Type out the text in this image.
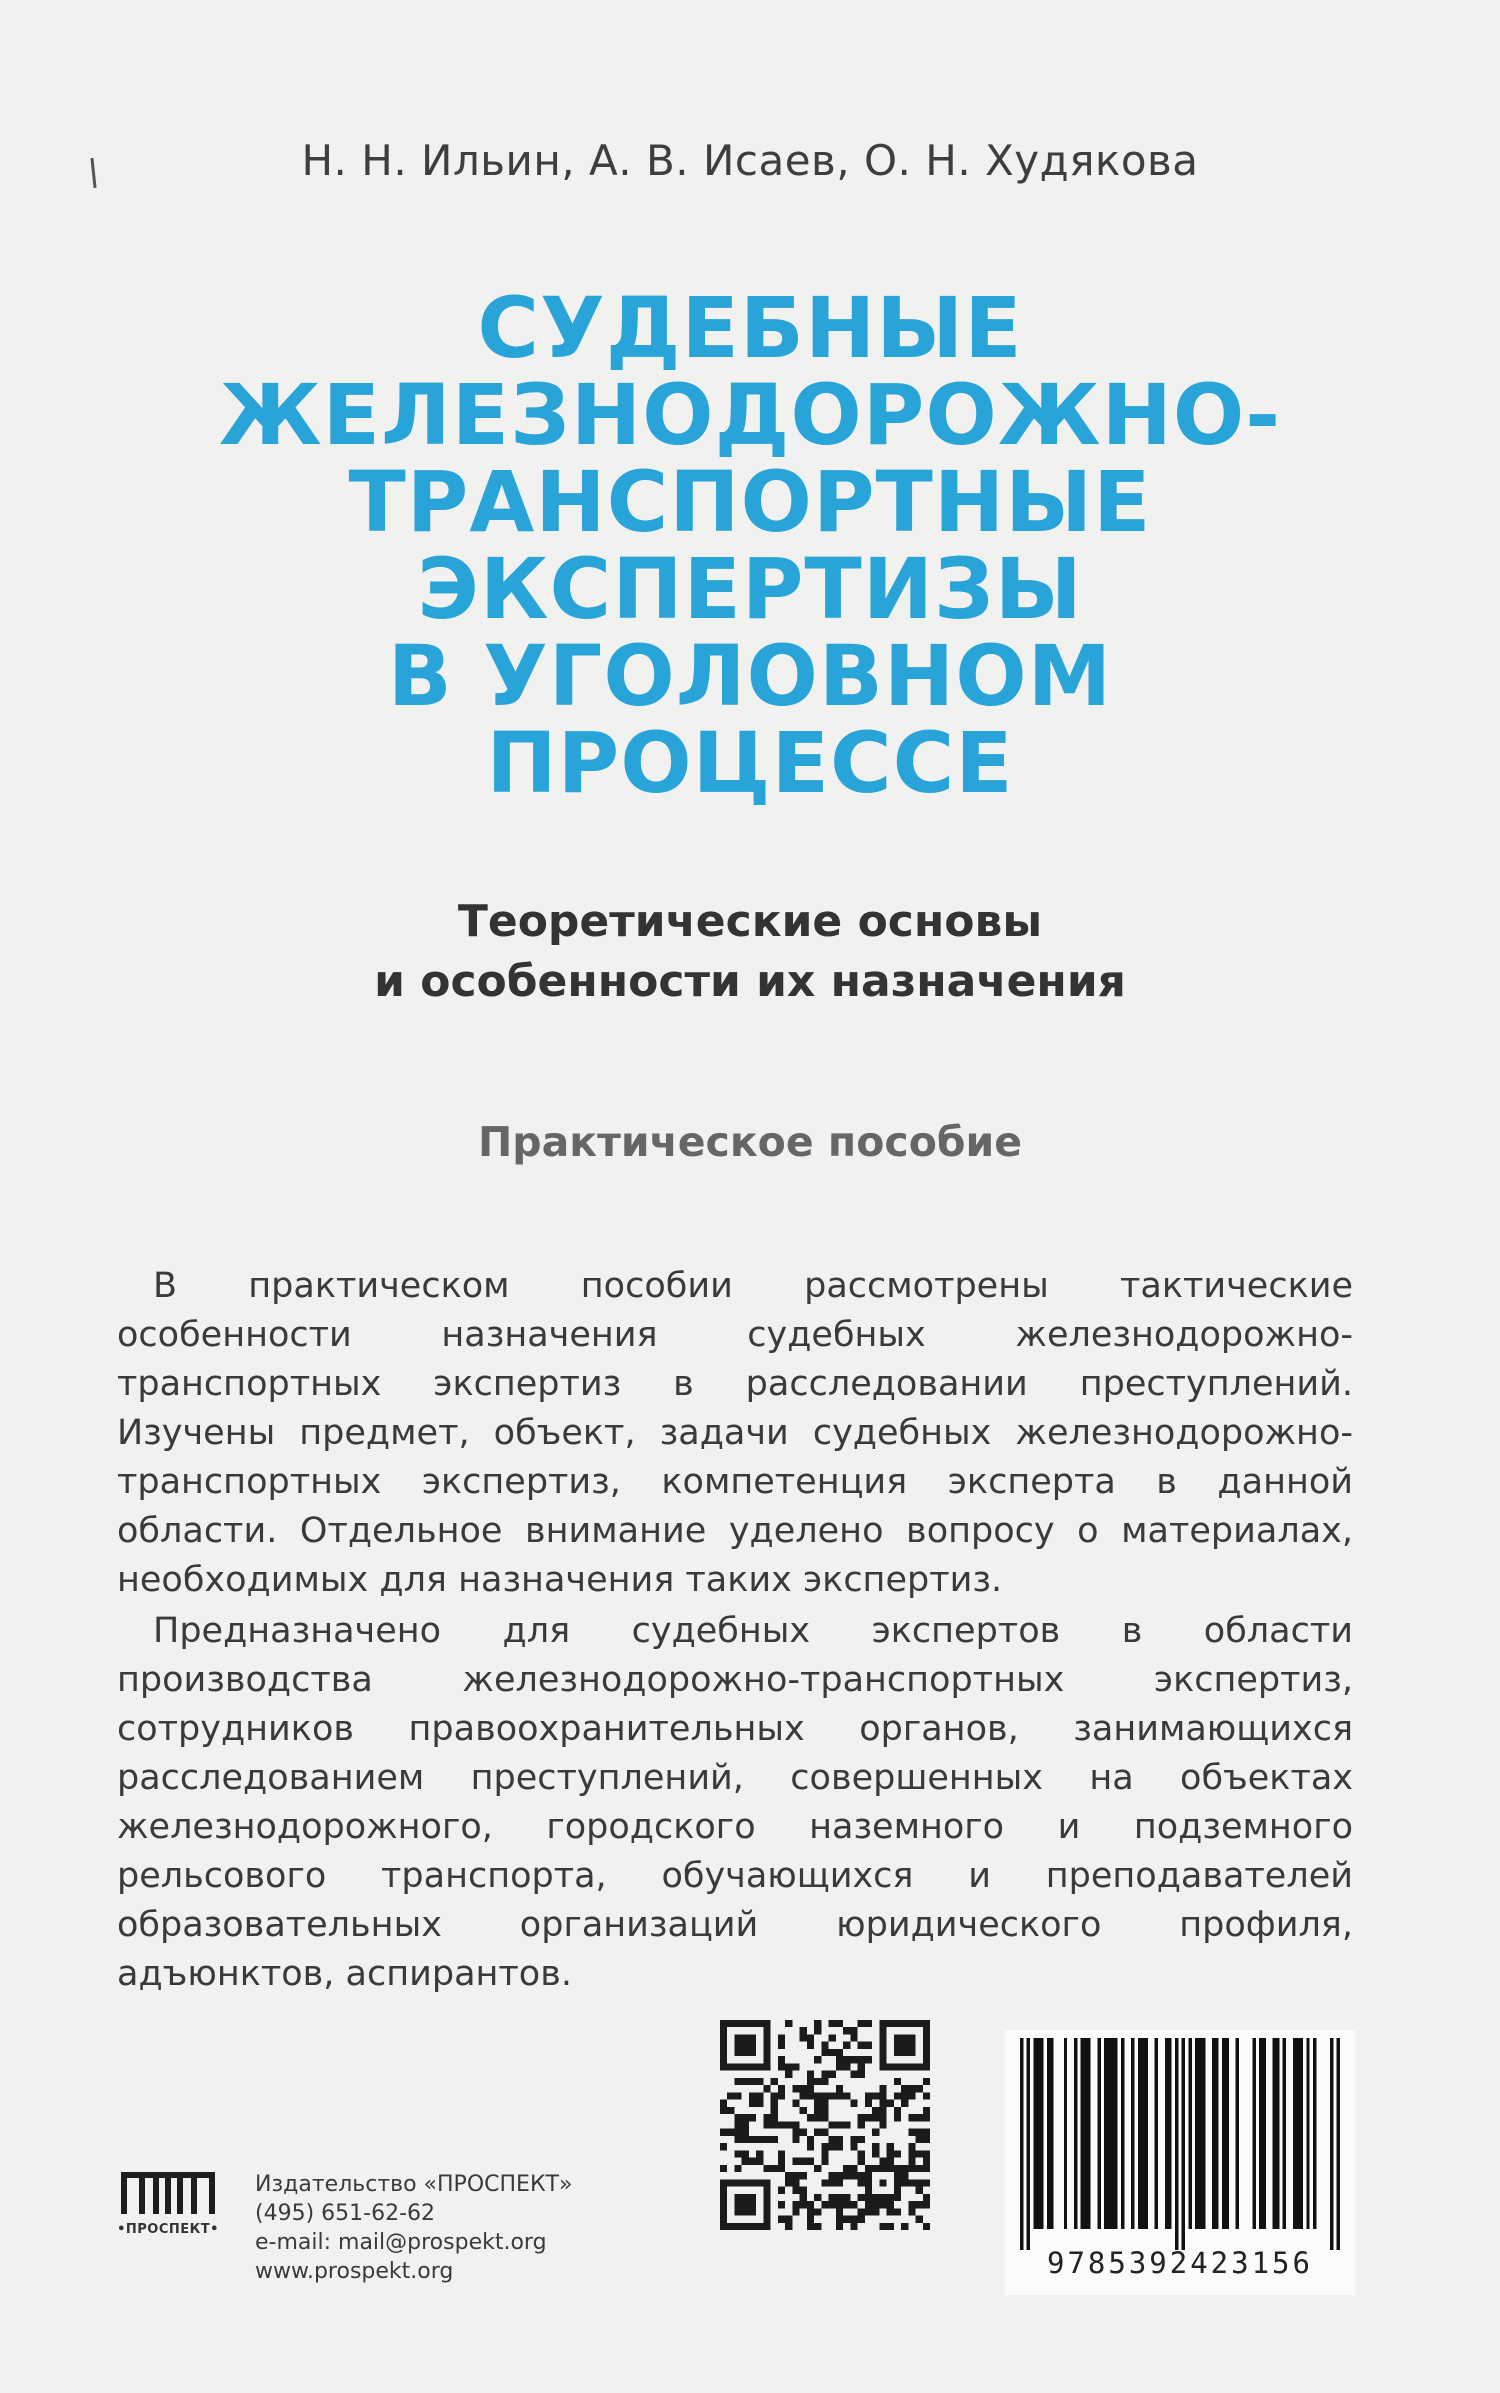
Н. Н. Ильин, А. В. Исаев, О. Н. Худякова
СУДЕБНЫЕ
ЖЕЛЕЗНОДОРОЖНО-
ТРАНСПОРТНЫЕ
ЭКСПЕРТИЗЫ
В УГОЛОВНОМ
ПРОЦЕССЕ
Теоретические основы
и особенности их назначения
Практическое пособие

В практическом пособии рассмотрены тактические особенности назначения судебных железнодорожно-транспортных экспертиз в расследовании преступлений. Изучены предмет, объект, задачи судебных железнодорожно-транспортных экспертиз, компетенция эксперта в данной области. Отдельное внимание уделено вопросу о материалах, необходимых для назначения таких экспертиз.

Предназначено для судебных экспертов в области производства железнодорожно-транспортных экспертиз, сотрудников правоохранительных органов, занимающихся расследованием преступлений, совершенных на объектах железнодорожного, городского наземного и подземного рельсового транспорта, обучающихся и преподавателей образовательных организаций юридического профиля, адъюнктов, аспирантов.

•ПРОСПЕКТ•
Издательство «ПРОСПЕКТ»
(495) 651-62-62
e-mail: mail@prospekt.org
www.prospekt.org	9785392423156
